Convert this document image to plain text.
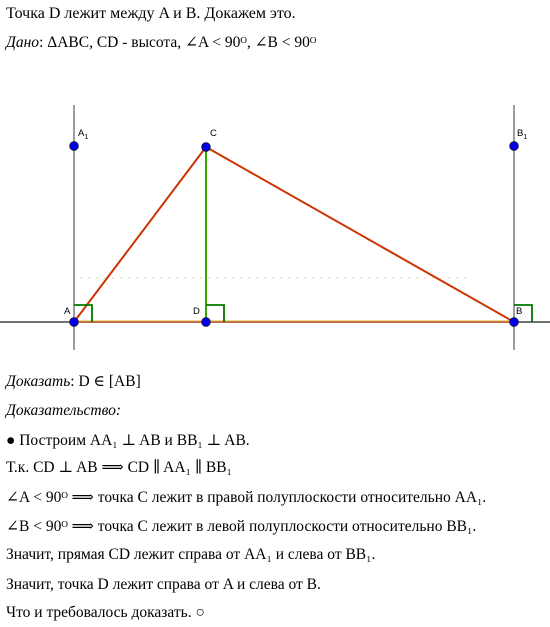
Точка D лежит между A и B. Докажем это.
Дано: ΔABC, CD - высота, ∠A < 90ᴼ, ∠B < 90ᴼ
A	D	B
C
$A_1$	$B_1$
Доказать: D ∈ [AB]
Доказательство:
● Построим AA₁ ⊥ AB и BB₁ ⊥ AB.
Т.к. CD ⊥ AB ⟹ CD ∥ AA₁ ∥ BB₁
∠A < 90ᴼ ⟹ точка C лежит в правой полуплоскости относительно AA₁.
∠B < 90ᴼ ⟹ точка C лежит в левой полуплоскости относительно BB₁.
Значит, прямая CD лежит справа от AA₁ и слева от BB₁.
Значит, точка D лежит справа от A и слева от B.
Что и требовалось доказать. ○
